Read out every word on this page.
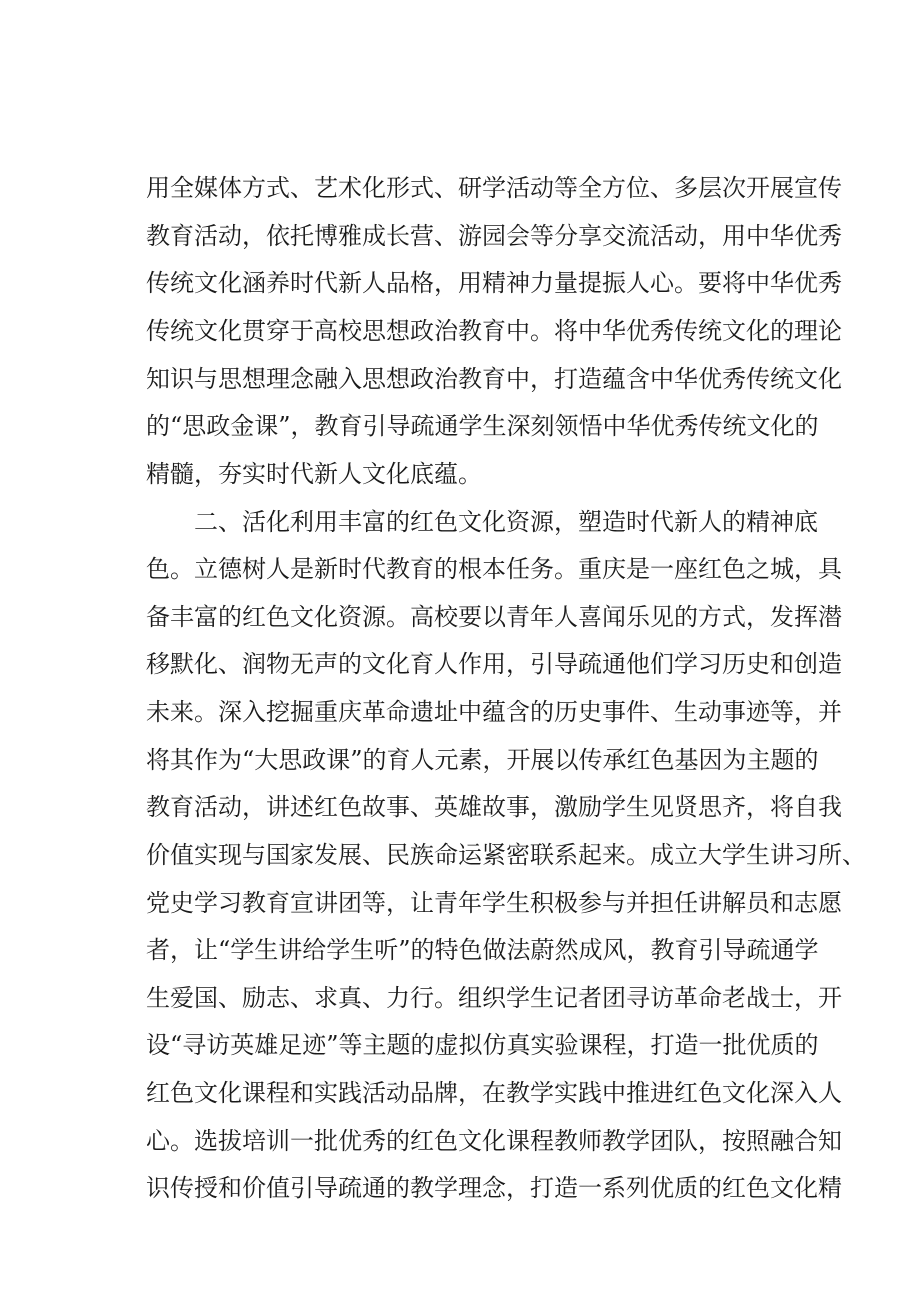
用全媒体方式、艺术化形式、研学活动等全方位、多层次开展宣传

教育活动，依托博雅成长营、游园会等分享交流活动，用中华优秀

传统文化涵养时代新人品格，用精神力量提振人心。要将中华优秀

传统文化贯穿于高校思想政治教育中。将中华优秀传统文化的理论

知识与思想理念融入思想政治教育中，打造蕴含中华优秀传统文化

的“思政金课”，教育引导疏通学生深刻领悟中华优秀传统文化的

精髓，夯实时代新人文化底蕴。

二、活化利用丰富的红色文化资源，塑造时代新人的精神底

色。立德树人是新时代教育的根本任务。重庆是一座红色之城，具

备丰富的红色文化资源。高校要以青年人喜闻乐见的方式，发挥潜

移默化、润物无声的文化育人作用，引导疏通他们学习历史和创造

未来。深入挖掘重庆革命遗址中蕴含的历史事件、生动事迹等，并

将其作为“大思政课”的育人元素，开展以传承红色基因为主题的

教育活动，讲述红色故事、英雄故事，激励学生见贤思齐，将自我

价值实现与国家发展、民族命运紧密联系起来。成立大学生讲习所、

党史学习教育宣讲团等，让青年学生积极参与并担任讲解员和志愿

者，让“学生讲给学生听”的特色做法蔚然成风，教育引导疏通学

生爱国、励志、求真、力行。组织学生记者团寻访革命老战士，开

设“寻访英雄足迹”等主题的虚拟仿真实验课程，打造一批优质的

红色文化课程和实践活动品牌，在教学实践中推进红色文化深入人

心。选拔培训一批优秀的红色文化课程教师教学团队，按照融合知

识传授和价值引导疏通的教学理念，打造一系列优质的红色文化精
